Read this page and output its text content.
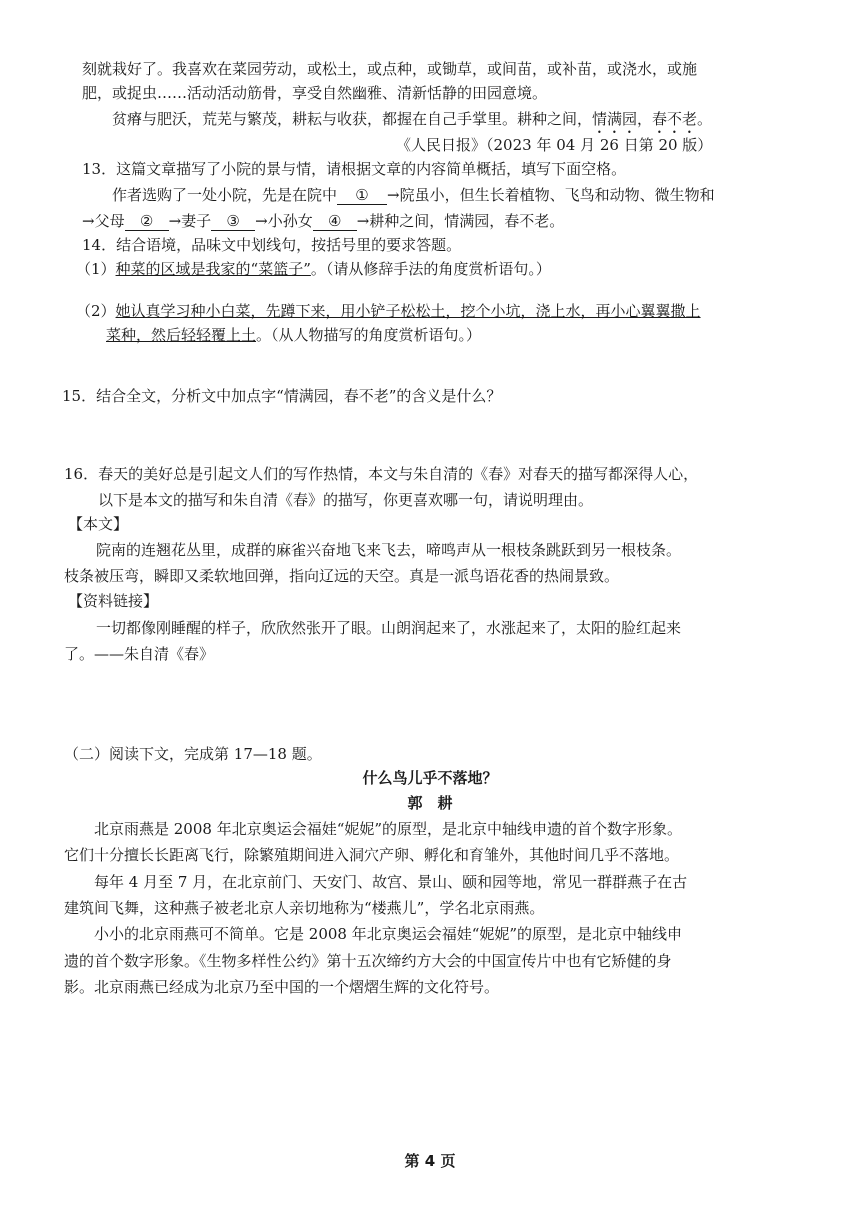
刻就栽好了。我喜欢在菜园劳动，或松土，或点种，或锄草，或间苗，或补苗，或浇水，或施

肥，或捉虫……活动活动筋骨，享受自然幽雅、清新恬静的田园意境。

贫瘠与肥沃，荒芜与繁茂，耕耘与收获，都握在自己手掌里。耕种之间，情满园，春不老。

《人民日报》（2023 年 04 月 26 日第 20 版）

13．这篇文章描写了小院的景与情，请根据文章的内容简单概括，填写下面空格。

作者选购了一处小院，先是在院中 ① →院虽小，但生长着植物、飞鸟和动物、微生物和

→父母 ② →妻子 ③ →小孙女 ④ →耕种之间，情满园，春不老。

14．结合语境，品味文中划线句，按括号里的要求答题。

（1）种菜的区域是我家的“菜篮子”。（请从修辞手法的角度赏析语句。）

（2）她认真学习种小白菜，先蹲下来，用小铲子松松土，挖个小坑，浇上水，再小心翼翼撒上

菜种，然后轻轻覆上土。（从人物描写的角度赏析语句。）

15．结合全文，分析文中加点字“情满园，春不老”的含义是什么？

16．春天的美好总是引起文人们的写作热情，本文与朱自清的《春》对春天的描写都深得人心，

以下是本文的描写和朱自清《春》的描写，你更喜欢哪一句，请说明理由。

【本文】

院南的连翘花丛里，成群的麻雀兴奋地飞来飞去，啼鸣声从一根枝条跳跃到另一根枝条。

枝条被压弯，瞬即又柔软地回弹，指向辽远的天空。真是一派鸟语花香的热闹景致。

【资料链接】

一切都像刚睡醒的样子，欣欣然张开了眼。山朗润起来了，水涨起来了，太阳的脸红起来

了。——朱自清《春》

（二）阅读下文，完成第 17—18 题。

什么鸟儿乎不落地？

郭　耕

北京雨燕是 2008 年北京奥运会福娃“妮妮”的原型，是北京中轴线申遗的首个数字形象。

它们十分擅长长距离飞行，除繁殖期间进入洞穴产卵、孵化和育雏外，其他时间几乎不落地。

每年 4 月至 7 月，在北京前门、天安门、故宫、景山、颐和园等地，常见一群群燕子在古

建筑间飞舞，这种燕子被老北京人亲切地称为“楼燕儿”，学名北京雨燕。

小小的北京雨燕可不简单。它是 2008 年北京奥运会福娃“妮妮”的原型，是北京中轴线申

遗的首个数字形象。《生物多样性公约》第十五次缔约方大会的中国宣传片中也有它矫健的身

影。北京雨燕已经成为北京乃至中国的一个熠熠生辉的文化符号。

第 4 页
